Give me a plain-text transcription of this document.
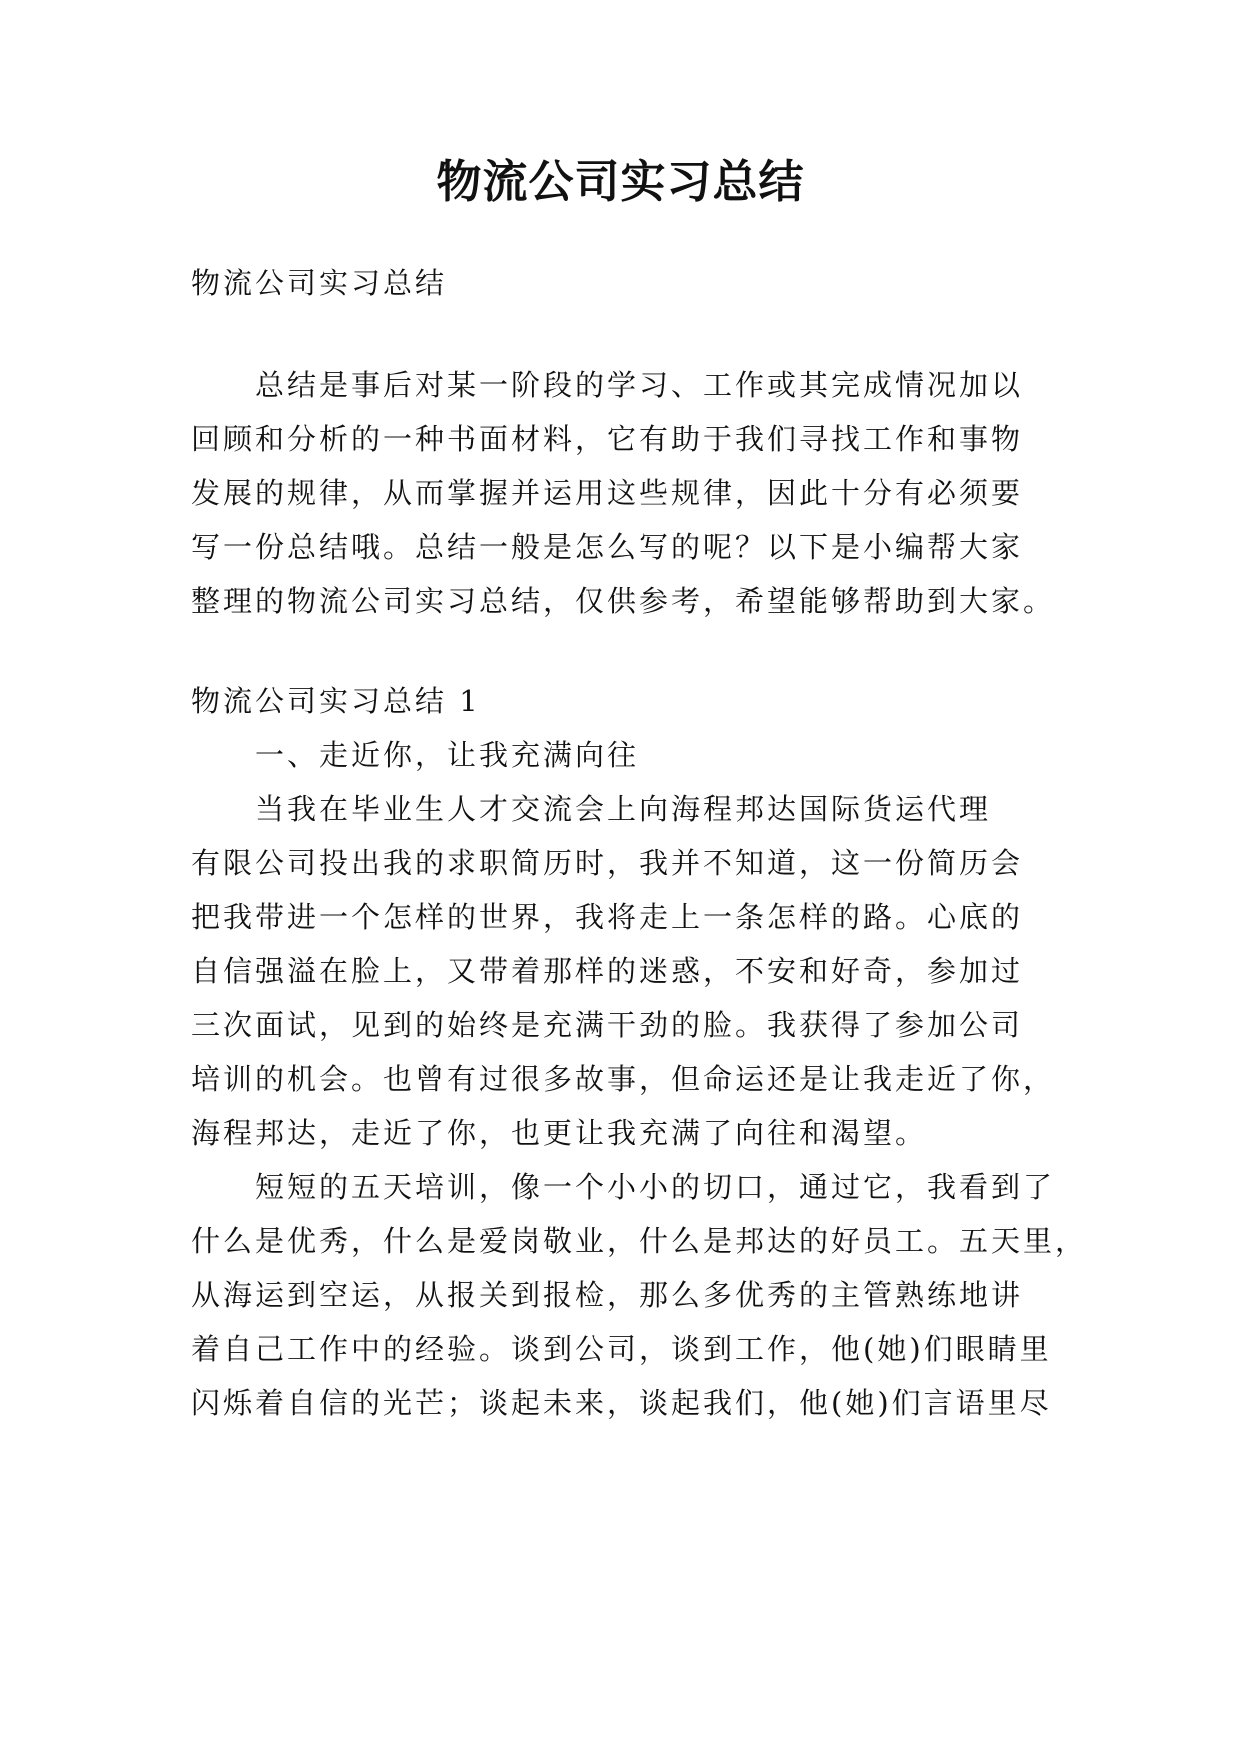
物流公司实习总结
物流公司实习总结
总结是事后对某一阶段的学习、工作或其完成情况加以
回顾和分析的一种书面材料，它有助于我们寻找工作和事物
发展的规律，从而掌握并运用这些规律，因此十分有必须要
写一份总结哦。总结一般是怎么写的呢？以下是小编帮大家
整理的物流公司实习总结，仅供参考，希望能够帮助到大家。
物流公司实习总结 1
一、走近你，让我充满向往
当我在毕业生人才交流会上向海程邦达国际货运代理
有限公司投出我的求职简历时，我并不知道，这一份简历会
把我带进一个怎样的世界，我将走上一条怎样的路。心底的
自信强溢在脸上，又带着那样的迷惑，不安和好奇，参加过
三次面试，见到的始终是充满干劲的脸。我获得了参加公司
培训的机会。也曾有过很多故事，但命运还是让我走近了你，
海程邦达，走近了你，也更让我充满了向往和渴望。
短短的五天培训，像一个小小的切口，通过它，我看到了
什么是优秀，什么是爱岗敬业，什么是邦达的好员工。五天里，
从海运到空运，从报关到报检，那么多优秀的主管熟练地讲
着自己工作中的经验。谈到公司，谈到工作，他(她)们眼睛里
闪烁着自信的光芒；谈起未来，谈起我们，他(她)们言语里尽
